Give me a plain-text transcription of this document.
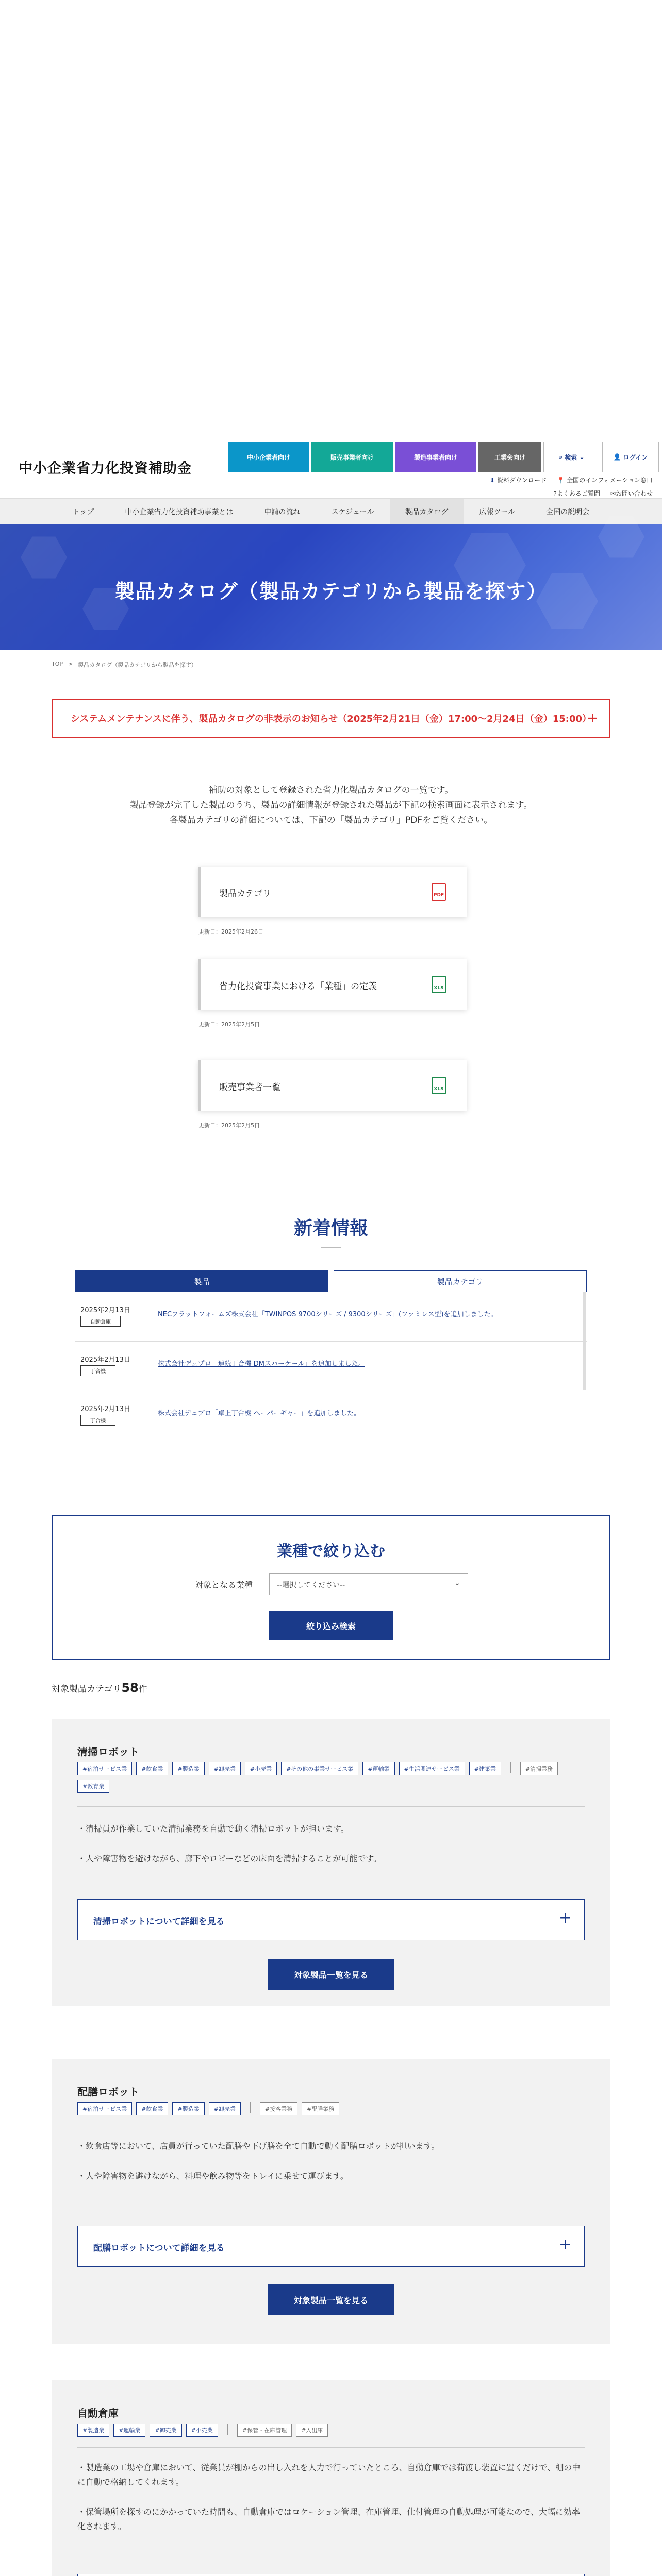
中小企業省力化投資補助金
中小企業者向け	販売事業者向け	製造事業者向け	工業会向け	⌕ 検索 ⌄	👤 ログイン
⬇ 資料ダウンロード 📍 全国のインフォメーション窓口
?よくあるご質問 ✉お問い合わせ
トップ	中小企業省力化投資補助事業とは	申請の流れ	スケジュール	製品カタログ	広報ツール	全国の説明会
製品カタログ（製品カテゴリから製品を探す）
TOP > 製品カタログ（製品カテゴリから製品を探す）
システムメンテナンスに伴う、製品カタログの非表示のお知らせ（2025年2月21日（金）17:00～2月24日（金）15:00）
+
補助の対象として登録された省力化製品カタログの一覧です。
製品登録が完了した製品のうち、製品の詳細情報が登録された製品が下記の検索画面に表示されます。
各製品カテゴリの詳細については、下記の「製品カテゴリ」PDFをご覧ください。
製品カテゴリ	PDF
更新日：2025年2月26日
省力化投資事業における「業種」の定義	XLS
更新日：2025年2月5日
販売事業者一覧	XLS
更新日：2025年2月5日
新着情報
製品	製品カテゴリ
2025年2月13日
自動倉庫
NECプラットフォームズ株式会社「TWINPOS 9700シリーズ / 9300シリーズ」(ファミレス型)を追加しました。
2025年2月13日
丁合機
株式会社デュプロ「連続丁合機 DMスパーケール」を追加しました。
2025年2月13日
丁合機
株式会社デュプロ「卓上丁合機 ペーパーギャー」を追加しました。
業種で絞り込む
対象となる業種	--選択してください--	⌄
絞り込み検索
対象製品カテゴリ58件
清掃ロボット
#宿泊サービス業	#飲食業	#製造業	#卸売業	#小売業	#その他の事業サービス業	#運輸業	#生活関連サービス業	#建築業	#清掃業務
#教育業

・清掃員が作業していた清掃業務を自動で動く清掃ロボットが担います。

・人や障害物を避けながら、廊下やロビーなどの床面を清掃することが可能です。

清掃ロボットについて詳細を見る	+
対象製品一覧を見る
配膳ロボット
#宿泊サービス業	#飲食業	#製造業	#卸売業	#接客業務	#配膳業務

・飲食店等において、店員が行っていた配膳や下げ膳を全て自動で動く配膳ロボットが担います。

・人や障害物を避けながら、料理や飲み物等をトレイに乗せて運びます。

配膳ロボットについて詳細を見る	+
対象製品一覧を見る
自動倉庫
#製造業	#運輸業	#卸売業	#小売業	#保管・在庫管理	#入出庫

・製造業の工場や倉庫において、従業員が棚からの出し入れを人力で行っていたところ、自動倉庫では荷渡し装置に置くだけで、棚の中に自動で格納してくれます。

・保管場所を探すのにかかっていた時間も、自動倉庫ではロケーション管理、在庫管理、仕付管理の自動処理が可能なので、大幅に効率化されます。
